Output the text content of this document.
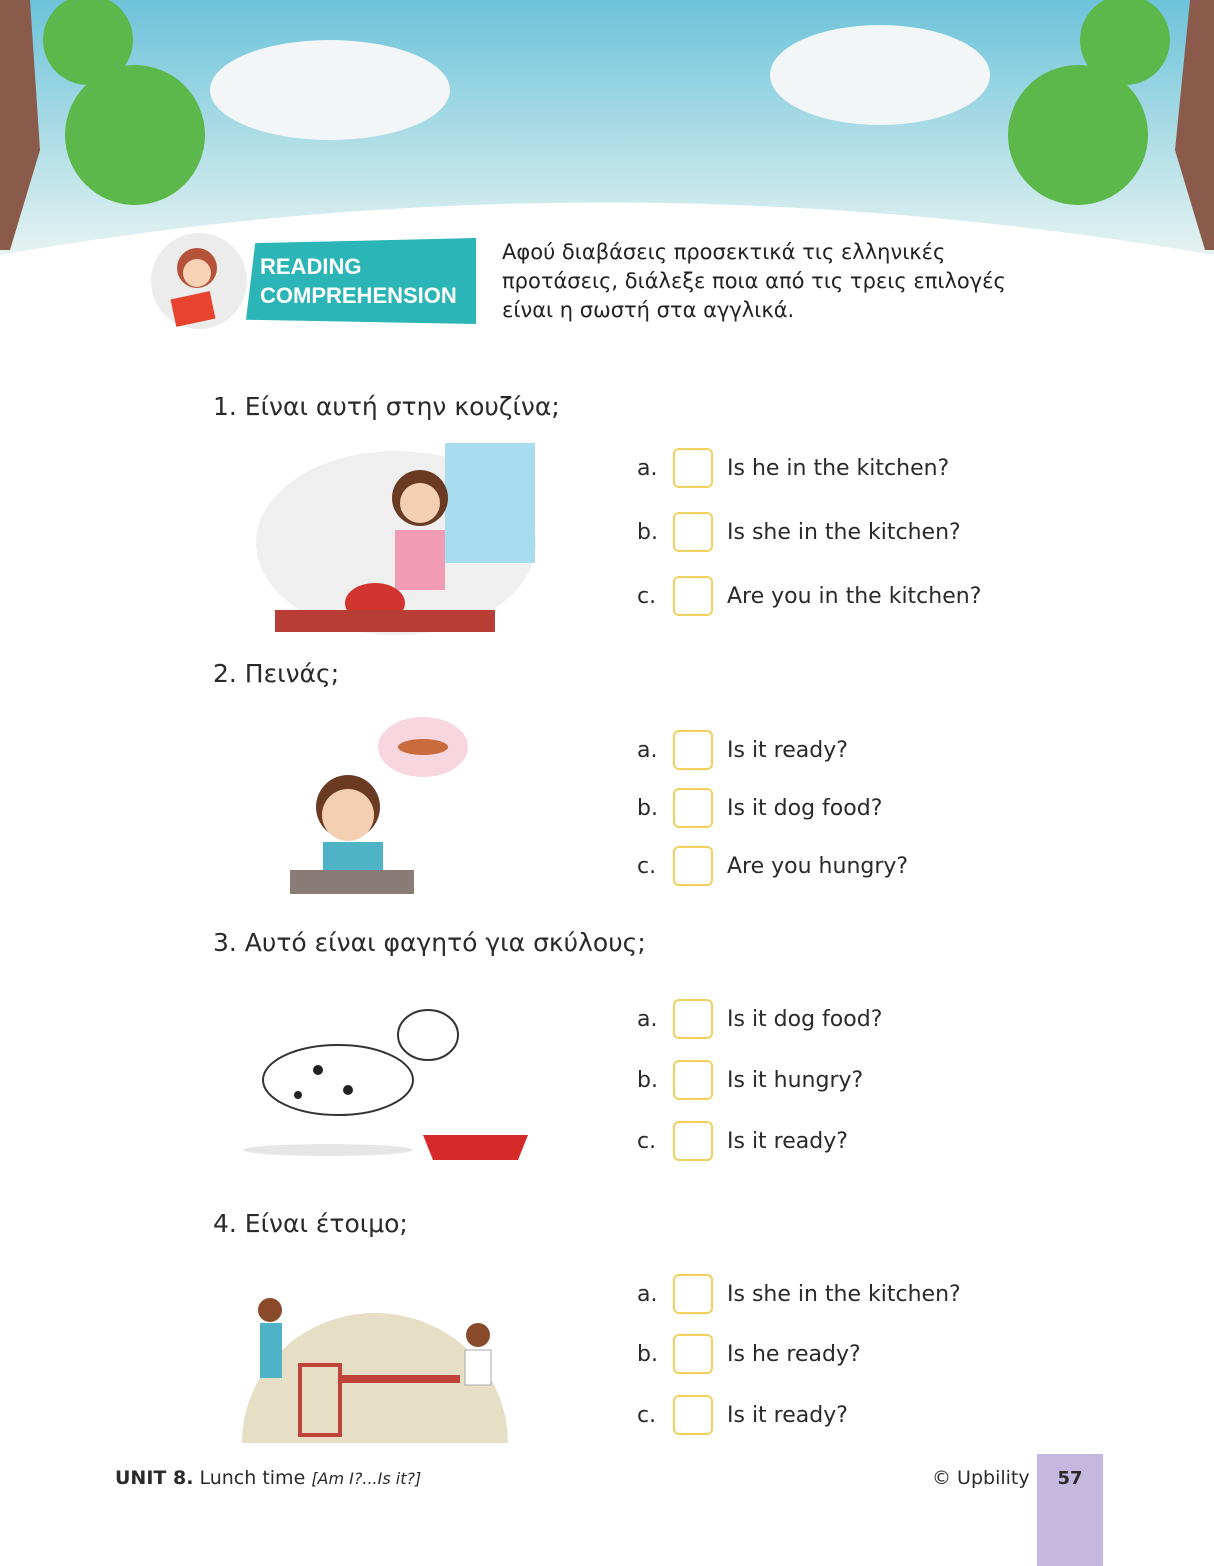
READING
COMPREHENSION
Αφού διαβάσεις προσεκτικά τις ελληνικές προτάσεις, διάλεξε ποια από τις τρεις επιλογές είναι η σωστή στα αγγλικά.
1. Είναι αυτή στην κουζίνα;
a.	Is he in the kitchen?
b.	Is she in the kitchen?
c.	Are you in the kitchen?
2. Πεινάς;
a.	Is it ready?
b.	Is it dog food?
c.	Are you hungry?
3. Αυτό είναι φαγητό για σκύλους;
a.	Is it dog food?
b.	Is it hungry?
c.	Is it ready?
4. Είναι έτοιμο;
a.	Is she in the kitchen?
b.	Is he ready?
c.	Is it ready?
UNIT 8. Lunch time [Am I?...Is it?]	© Upbility	57
